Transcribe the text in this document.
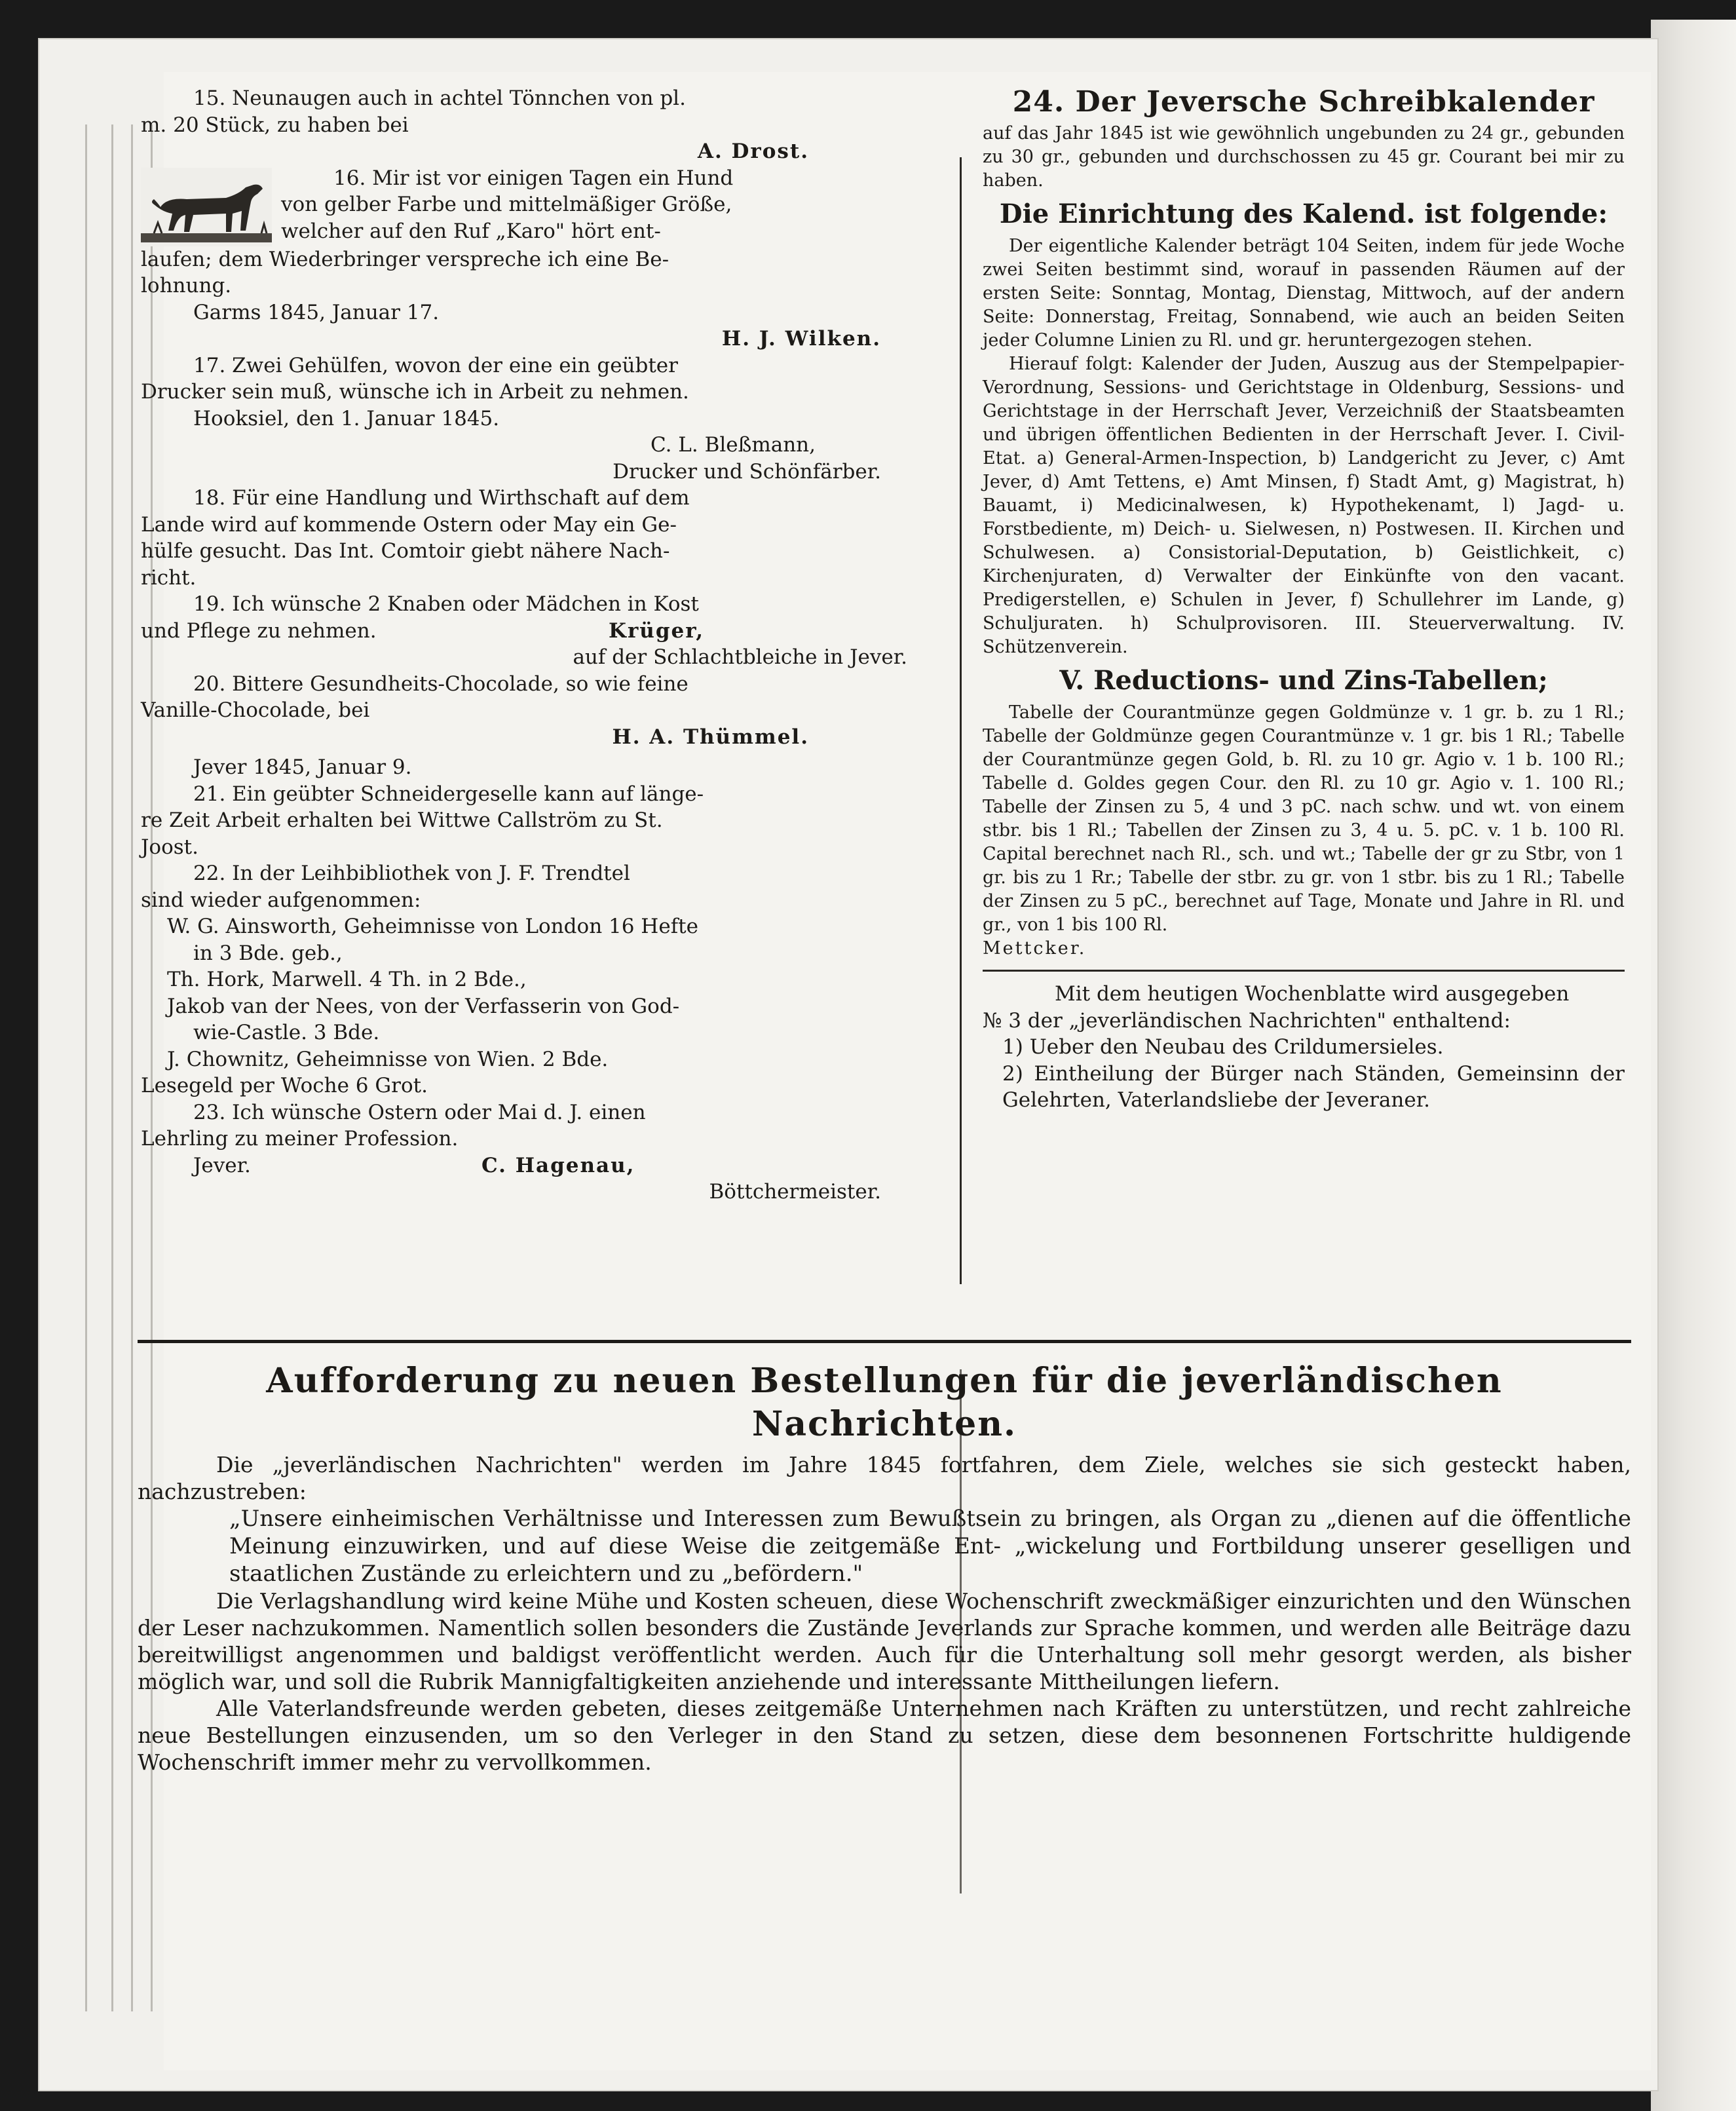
15. Neunaugen auch in achtel Tönnchen von pl.

m. 20 Stück, zu haben bei

A. Drost.

16. Mir ist vor einigen Tagen ein Hund

von gelber Farbe und mittelmäßiger Größe,

welcher auf den Ruf „Karo" hört ent-

laufen; dem Wiederbringer verspreche ich eine Be-

lohnung.

Garms 1845, Januar 17.

H. J. Wilken.

17. Zwei Gehülfen, wovon der eine ein geübter

Drucker sein muß, wünsche ich in Arbeit zu nehmen.

Hooksiel, den 1. Januar 1845.

C. L. Bleßmann,

Drucker und Schönfärber.

18. Für eine Handlung und Wirthschaft auf dem

Lande wird auf kommende Ostern oder May ein Ge-

hülfe gesucht. Das Int. Comtoir giebt nähere Nach-

richt.

19. Ich wünsche 2 Knaben oder Mädchen in Kost

und Pflege zu nehmen.	Krüger,

auf der Schlachtbleiche in Jever.

20. Bittere Gesundheits-Chocolade, so wie feine

Vanille-Chocolade, bei

H. A. Thümmel.

Jever 1845, Januar 9.

21. Ein geübter Schneidergeselle kann auf länge-

re Zeit Arbeit erhalten bei Wittwe Callström zu St.

Joost.

22. In der Leihbibliothek von J. F. Trendtel

sind wieder aufgenommen:

W. G. Ainsworth, Geheimnisse von London 16 Hefte

in 3 Bde. geb.,

Th. Hork, Marwell. 4 Th. in 2 Bde.,

Jakob van der Nees, von der Verfasserin von God-

wie-Castle. 3 Bde.

J. Chownitz, Geheimnisse von Wien. 2 Bde.

Lesegeld per Woche 6 Grot.

23. Ich wünsche Ostern oder Mai d. J. einen

Lehrling zu meiner Profession.

Jever.	C. Hagenau,

Böttchermeister.

24. Der Jeversche Schreibkalender

auf das Jahr 1845 ist wie gewöhnlich ungebunden zu 24 gr., gebunden zu 30 gr., gebunden und durchschossen zu 45 gr. Courant bei mir zu haben.

Die Einrichtung des Kalend. ist folgende:

Der eigentliche Kalender beträgt 104 Seiten, indem für jede Woche zwei Seiten bestimmt sind, worauf in passenden Räumen auf der ersten Seite: Sonntag, Montag, Dienstag, Mittwoch, auf der andern Seite: Donnerstag, Freitag, Sonnabend, wie auch an beiden Seiten jeder Columne Linien zu Rl. und gr. heruntergezogen stehen.

Hierauf folgt: Kalender der Juden, Auszug aus der Stempelpapier-Verordnung, Sessions- und Gerichtstage in Oldenburg, Sessions- und Gerichtstage in der Herrschaft Jever, Verzeichniß der Staatsbeamten und übrigen öffentlichen Bedienten in der Herrschaft Jever. I. Civil-Etat. a) General-Armen-Inspection, b) Landgericht zu Jever, c) Amt Jever, d) Amt Tettens, e) Amt Minsen, f) Stadt Amt, g) Magistrat, h) Bauamt, i) Medicinalwesen, k) Hypothekenamt, l) Jagd- u. Forstbediente, m) Deich- u. Sielwesen, n) Postwesen. II. Kirchen und Schulwesen. a) Consistorial-Deputation, b) Geistlichkeit, c) Kirchenjuraten, d) Verwalter der Einkünfte von den vacant. Predigerstellen, e) Schulen in Jever, f) Schullehrer im Lande, g) Schuljuraten. h) Schulprovisoren. III. Steuerverwaltung. IV. Schützenverein.

V. Reductions- und Zins-Tabellen;

Tabelle der Courantmünze gegen Goldmünze v. 1 gr. b. zu 1 Rl.; Tabelle der Goldmünze gegen Courantmünze v. 1 gr. bis 1 Rl.; Tabelle der Courantmünze gegen Gold, b. Rl. zu 10 gr. Agio v. 1 b. 100 Rl.; Tabelle d. Goldes gegen Cour. den Rl. zu 10 gr. Agio v. 1. 100 Rl.; Tabelle der Zinsen zu 5, 4 und 3 pC. nach schw. und wt. von einem stbr. bis 1 Rl.; Tabellen der Zinsen zu 3, 4 u. 5. pC. v. 1 b. 100 Rl. Capital berechnet nach Rl., sch. und wt.; Tabelle der gr zu Stbr, von 1 gr. bis zu 1 Rr.; Tabelle der stbr. zu gr. von 1 stbr. bis zu 1 Rl.; Tabelle der Zinsen zu 5 pC., berechnet auf Tage, Monate und Jahre in Rl. und gr., von 1 bis 100 Rl.

Mettcker.

Mit dem heutigen Wochenblatte wird ausgegeben

№ 3 der „jeverländischen Nachrichten" enthaltend:

1) Ueber den Neubau des Crildumersieles.

2) Eintheilung der Bürger nach Ständen, Gemeinsinn der Gelehrten, Vaterlandsliebe der Jeveraner.

Aufforderung zu neuen Bestellungen für die jeverländischen Nachrichten.

Die „jeverländischen Nachrichten" werden im Jahre 1845 fortfahren, dem Ziele, welches sie sich gesteckt haben, nachzustreben:

„Unsere einheimischen Verhältnisse und Interessen zum Bewußtsein zu bringen, als Organ zu „dienen auf die öffentliche Meinung einzuwirken, und auf diese Weise die zeitgemäße Ent- „wickelung und Fortbildung unserer geselligen und staatlichen Zustände zu erleichtern und zu „befördern."

Die Verlagshandlung wird keine Mühe und Kosten scheuen, diese Wochenschrift zweckmäßiger einzurichten und den Wünschen der Leser nachzukommen. Namentlich sollen besonders die Zustände Jeverlands zur Sprache kommen, und werden alle Beiträge dazu bereitwilligst angenommen und baldigst veröffentlicht werden. Auch für die Unterhaltung soll mehr gesorgt werden, als bisher möglich war, und soll die Rubrik Mannigfaltigkeiten anziehende und interessante Mittheilungen liefern.

Alle Vaterlandsfreunde werden gebeten, dieses zeitgemäße Unternehmen nach Kräften zu unterstützen, und recht zahlreiche neue Bestellungen einzusenden, um so den Verleger in den Stand zu setzen, diese dem besonnenen Fortschritte huldigende Wochenschrift immer mehr zu vervollkommen.
